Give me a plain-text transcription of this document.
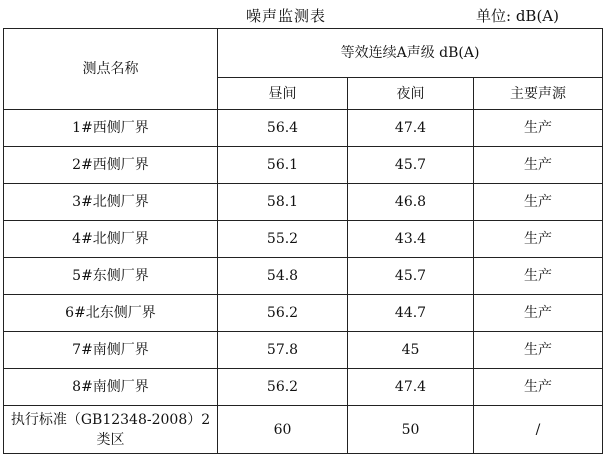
噪声监测表	单位: dB(A)
测点名称	等效连续A声级 dB(A)		
	昼间	夜间	主要声源
1#西侧厂界	56.4	47.4	生产
2#西侧厂界	56.1	45.7	生产
3#北侧厂界	58.1	46.8	生产
4#北侧厂界	55.2	43.4	生产
5#东侧厂界	54.8	45.7	生产
6#北东侧厂界	56.2	44.7	生产
7#南侧厂界	57.8	45	生产
8#南侧厂界	56.2	47.4	生产
执行标准（GB12348-2008）2类区	60	50	/
